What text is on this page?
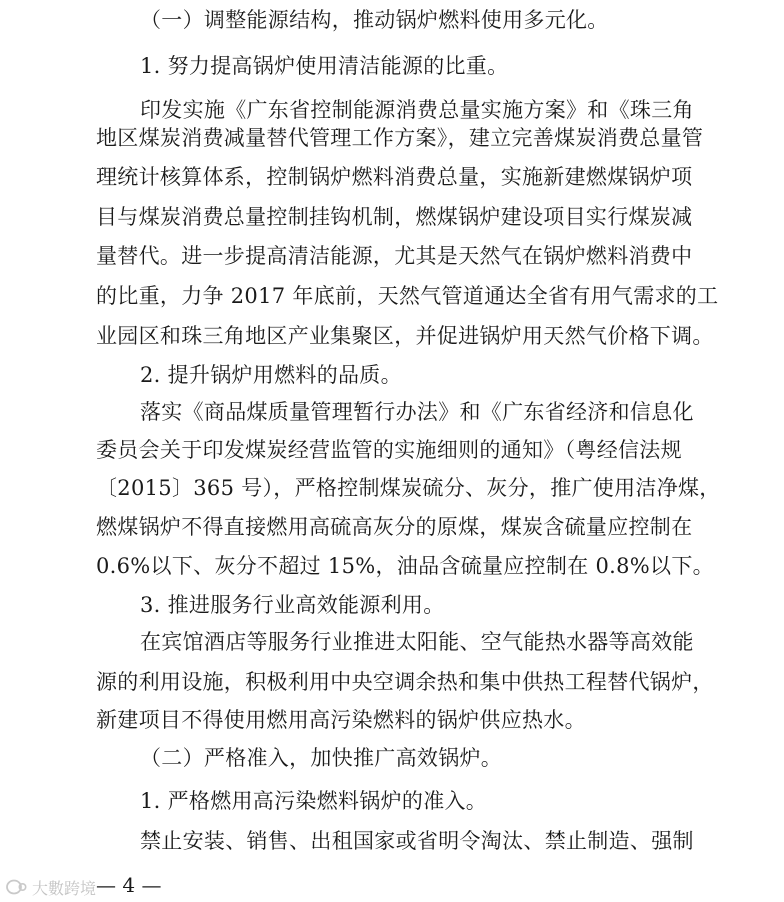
（一）调整能源结构，推动锅炉燃料使用多元化。
1. 努力提高锅炉使用清洁能源的比重。
印发实施《广东省控制能源消费总量实施方案》和《珠三角
地区煤炭消费减量替代管理工作方案》，建立完善煤炭消费总量管
理统计核算体系，控制锅炉燃料消费总量，实施新建燃煤锅炉项
目与煤炭消费总量控制挂钩机制，燃煤锅炉建设项目实行煤炭减
量替代。进一步提高清洁能源，尤其是天然气在锅炉燃料消费中
的比重，力争 2017 年底前，天然气管道通达全省有用气需求的工
业园区和珠三角地区产业集聚区，并促进锅炉用天然气价格下调。
2. 提升锅炉用燃料的品质。
落实《商品煤质量管理暂行办法》和《广东省经济和信息化
委员会关于印发煤炭经营监管的实施细则的通知》（粤经信法规
〔2015〕365 号），严格控制煤炭硫分、灰分，推广使用洁净煤，
燃煤锅炉不得直接燃用高硫高灰分的原煤，煤炭含硫量应控制在
0.6%以下、灰分不超过 15%，油品含硫量应控制在 0.8%以下。
3. 推进服务行业高效能源利用。
在宾馆酒店等服务行业推进太阳能、空气能热水器等高效能
源的利用设施，积极利用中央空调余热和集中供热工程替代锅炉，
新建项目不得使用燃用高污染燃料的锅炉供应热水。
（二）严格准入，加快推广高效锅炉。
1. 严格燃用高污染燃料锅炉的准入。
禁止安装、销售、出租国家或省明令淘汰、禁止制造、强制
— 4 —
大數跨境
